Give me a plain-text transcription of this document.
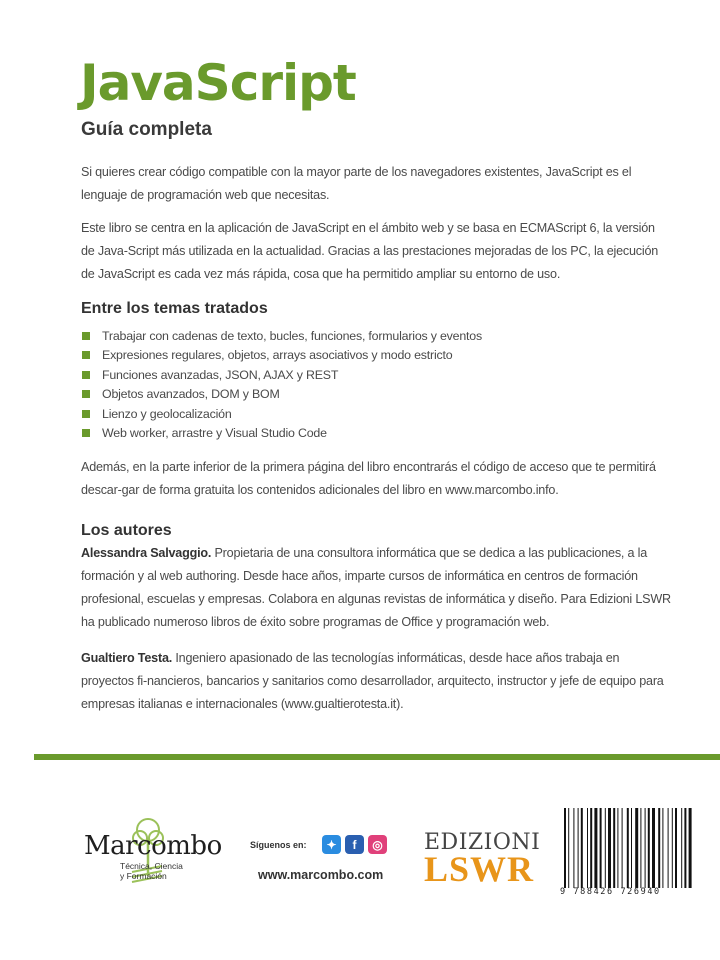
JavaScript
Guía completa

Si quieres crear código compatible con la mayor parte de los navegadores existentes, JavaScript es el lenguaje de programación web que necesitas.

Este libro se centra en la aplicación de JavaScript en el ámbito web y se basa en ECMAScript 6, la versión de Java-Script más utilizada en la actualidad. Gracias a las prestaciones mejoradas de los PC, la ejecución de JavaScript es cada vez más rápida, cosa que ha permitido ampliar su entorno de uso.

Entre los temas tratados
Trabajar con cadenas de texto, bucles, funciones, formularios y eventos
Expresiones regulares, objetos, arrays asociativos y modo estricto
Funciones avanzadas, JSON, AJAX y REST
Objetos avanzados, DOM y BOM
Lienzo y geolocalización
Web worker, arrastre y Visual Studio Code

Además, en la parte inferior de la primera página del libro encontrarás el código de acceso que te permitirá descar-gar de forma gratuita los contenidos adicionales del libro en www.marcombo.info.

Los autores

Alessandra Salvaggio. Propietaria de una consultora informática que se dedica a las publicaciones, a la formación y al web authoring. Desde hace años, imparte cursos de informática en centros de formación profesional, escuelas y empresas. Colabora en algunas revistas de informática y diseño. Para Edizioni LSWR ha publicado numeroso libros de éxito sobre programas de Office y programación web.

Gualtiero Testa. Ingeniero apasionado de las tecnologías informáticas, desde hace años trabaja en proyectos fi-nancieros, bancarios y sanitarios como desarrollador, arquitecto, instructor y jefe de equipo para empresas italianas e internacionales (www.gualtierotesta.it).

Marcombo
Técnica, Ciencia
y Formación
Síguenos en:	✦	f	◎
www.marcombo.com
EDIZIONI
LSWR
9 788426 726940
